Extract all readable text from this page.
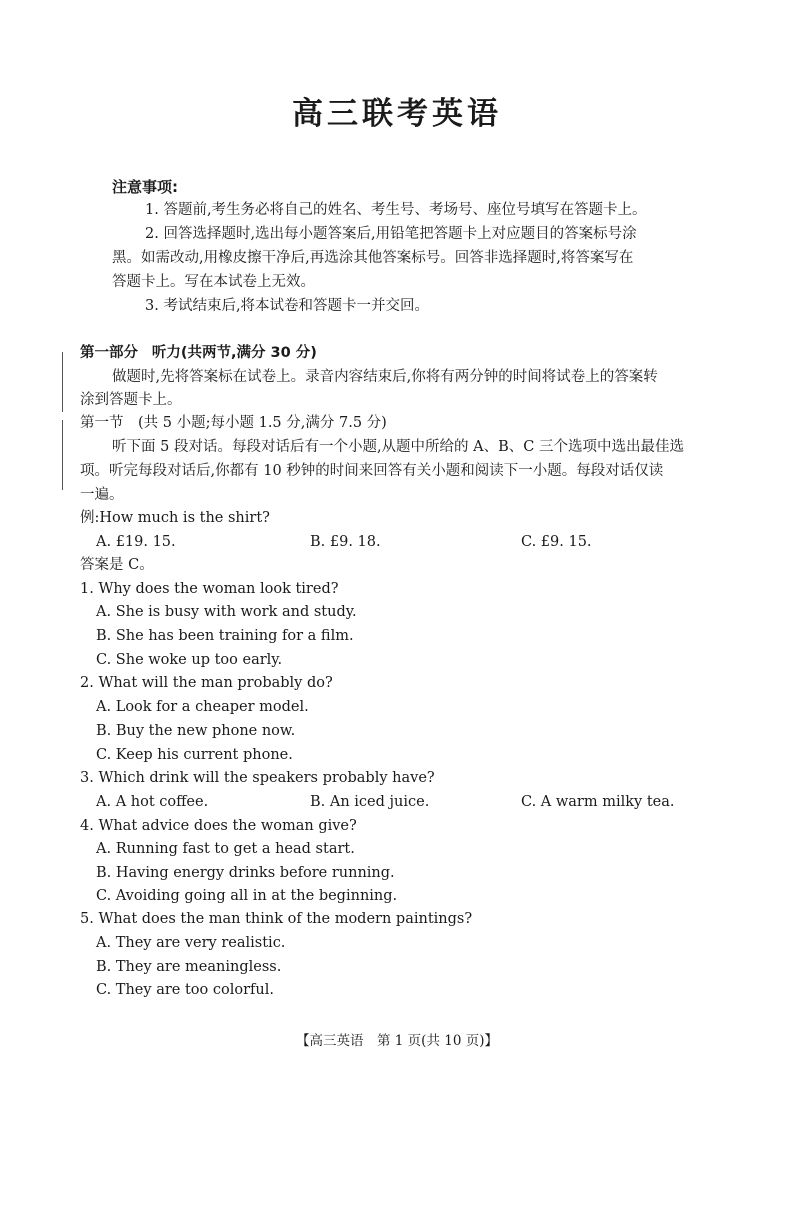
高三联考英语
注意事项:
1. 答题前,考生务必将自己的姓名、考生号、考场号、座位号填写在答题卡上。
2. 回答选择题时,选出每小题答案后,用铅笔把答题卡上对应题目的答案标号涂
黑。如需改动,用橡皮擦干净后,再选涂其他答案标号。回答非选择题时,将答案写在
答题卡上。写在本试卷上无效。
3. 考试结束后,将本试卷和答题卡一并交回。
第一部分 听力(共两节,满分 30 分)
做题时,先将答案标在试卷上。录音内容结束后,你将有两分钟的时间将试卷上的答案转
涂到答题卡上。
第一节　(共 5 小题;每小题 1.5 分,满分 7.5 分)
听下面 5 段对话。每段对话后有一个小题,从题中所给的 A、B、C 三个选项中选出最佳选
项。听完每段对话后,你都有 10 秒钟的时间来回答有关小题和阅读下一小题。每段对话仅读
一遍。
例:How much is the shirt?
A. £19. 15.	B. £9. 18.	C. £9. 15.
答案是 C。
1. Why does the woman look tired?
A. She is busy with work and study.
B. She has been training for a film.
C. She woke up too early.
2. What will the man probably do?
A. Look for a cheaper model.
B. Buy the new phone now.
C. Keep his current phone.
3. Which drink will the speakers probably have?
A. A hot coffee.	B. An iced juice.	C. A warm milky tea.
4. What advice does the woman give?
A. Running fast to get a head start.
B. Having energy drinks before running.
C. Avoiding going all in at the beginning.
5. What does the man think of the modern paintings?
A. They are very realistic.
B. They are meaningless.
C. They are too colorful.
【高三英语　第 1 页(共 10 页)】
